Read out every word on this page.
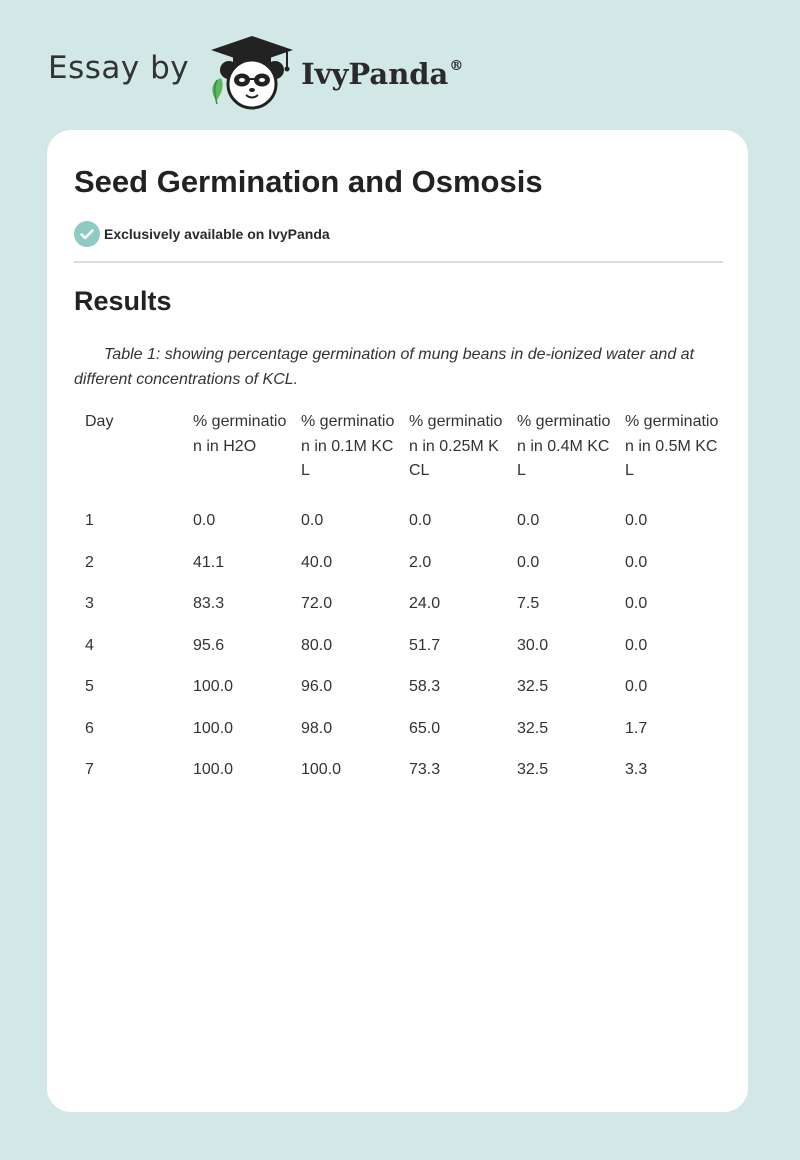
Essay by	IvyPanda®
Seed Germination and Osmosis
Exclusively available on IvyPanda
Results

Table 1: showing percentage germination of mung beans in de-ionized water and at different concentrations of KCL.

Day	% germination in H2O	% germination in 0.1M KCL	% germination in 0.25M KCL	% germination in 0.4M KCL	% germination in 0.5M KCL
1	0.0	0.0	0.0	0.0	0.0
2	41.1	40.0	2.0	0.0	0.0
3	83.3	72.0	24.0	7.5	0.0
4	95.6	80.0	51.7	30.0	0.0
5	100.0	96.0	58.3	32.5	0.0
6	100.0	98.0	65.0	32.5	1.7
7	100.0	100.0	73.3	32.5	3.3
